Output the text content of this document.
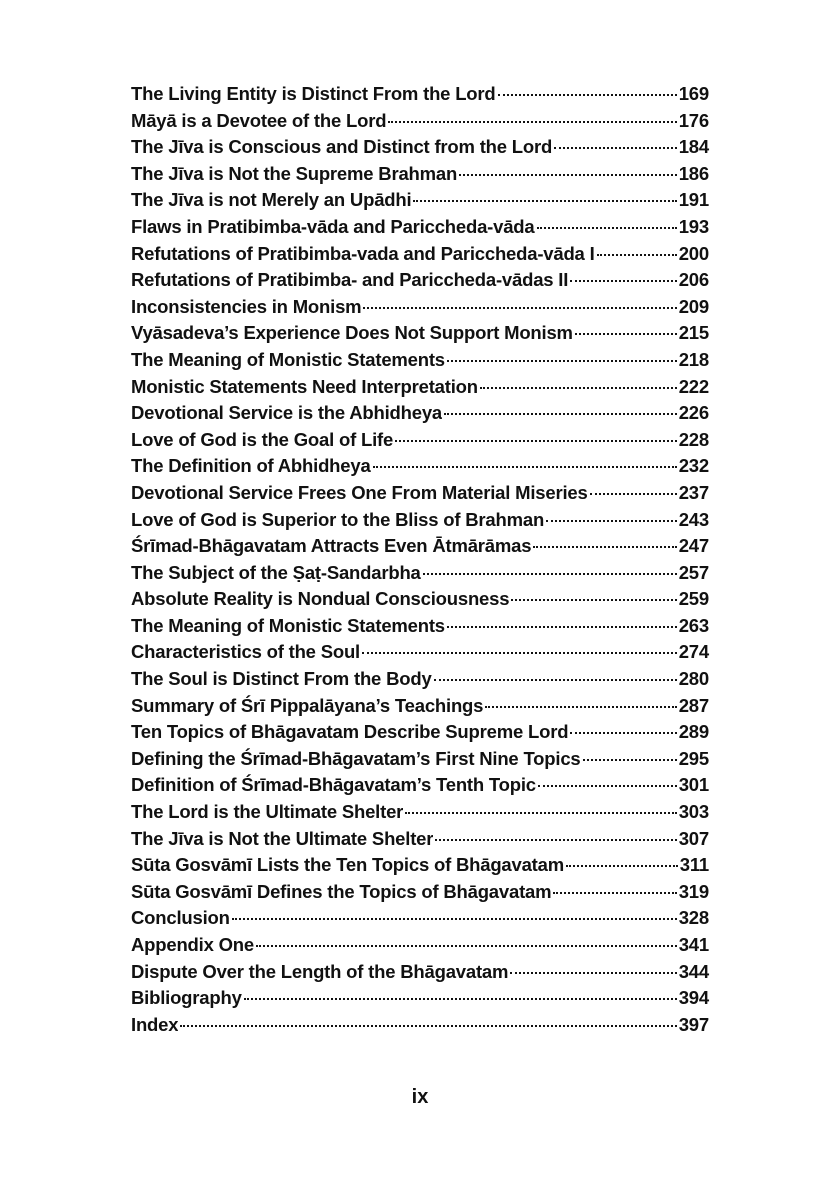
The Living Entity is Distinct From the Lord	169
Māyā is a Devotee of the Lord	176
The Jīva is Conscious and Distinct from the Lord	184
The Jīva is Not the Supreme Brahman	186
The Jīva is not Merely an Upādhi	191
Flaws in Pratibimba-vāda and Pariccheda-vāda	193
Refutations of Pratibimba-vada and Pariccheda-vāda I	200
Refutations of Pratibimba- and Pariccheda-vādas II	206
Inconsistencies in Monism	209
Vyāsadeva’s Experience Does Not Support Monism	215
The Meaning of Monistic Statements	218
Monistic Statements Need Interpretation	222
Devotional Service is the Abhidheya	226
Love of God is the Goal of Life	228
The Definition of Abhidheya	232
Devotional Service Frees One From Material Miseries	237
Love of God is Superior to the Bliss of Brahman	243
Śrīmad-Bhāgavatam Attracts Even Ātmārāmas	247
The Subject of the Ṣaṭ-Sandarbha	257
Absolute Reality is Nondual Consciousness	259
The Meaning of Monistic Statements	263
Characteristics of the Soul	274
The Soul is Distinct From the Body	280
Summary of Śrī Pippalāyana’s Teachings	287
Ten Topics of Bhāgavatam Describe Supreme Lord	289
Defining the Śrīmad-Bhāgavatam’s First Nine Topics	295
Definition of Śrīmad-Bhāgavatam’s Tenth Topic	301
The Lord is the Ultimate Shelter	303
The Jīva is Not the Ultimate Shelter	307
Sūta Gosvāmī Lists the Ten Topics of Bhāgavatam	311
Sūta Gosvāmī Defines the Topics of Bhāgavatam	319
Conclusion	328
Appendix One	341
Dispute Over the Length of the Bhāgavatam	344
Bibliography	394
Index	397
ix
